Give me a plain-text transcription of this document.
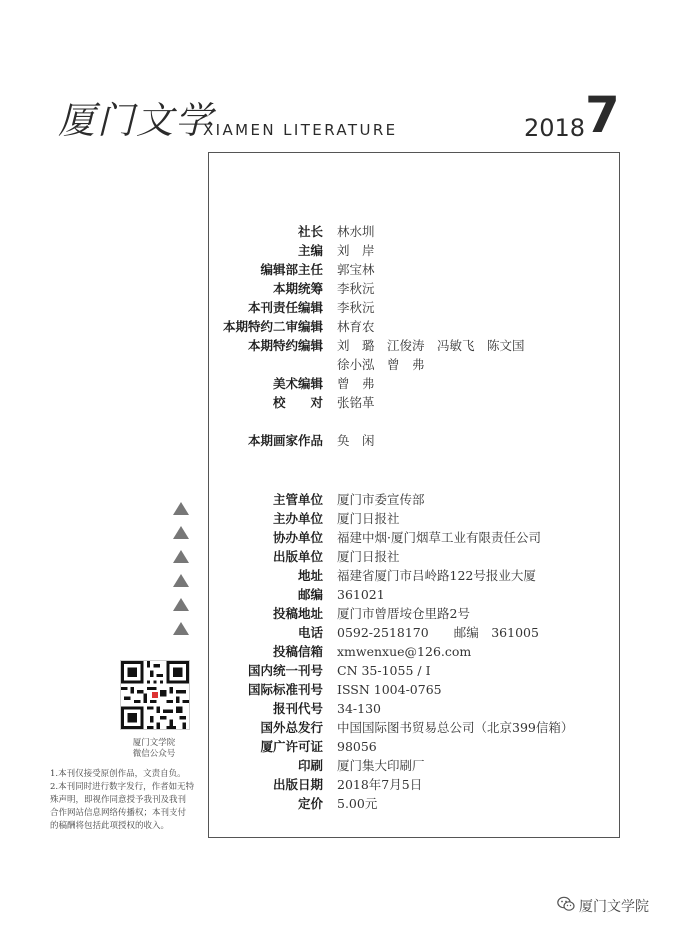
厦门文学
XIAMEN LITERATURE	2018 7
社长 林水圳
主编 刘　岸
编辑部主任 郭宝林
本期统筹 李秋沅
本刊责任编辑 李秋沅
本期特约二审编辑 林育农
本期特约编辑 刘　璐　江俊涛　冯敏飞　陈文国
徐小泓　曾　弗
美术编辑 曾　弗
校　　对 张铭革
本期画家作品 奂　闲
主管单位 厦门市委宣传部
主办单位 厦门日报社
协办单位 福建中烟·厦门烟草工业有限责任公司
出版单位 厦门日报社
地址 福建省厦门市吕岭路122号报业大厦
邮编 361021
投稿地址 厦门市曾厝垵仓里路2号
电话 0592-2518170　　邮编　361005
投稿信箱 xmwenxue@126.com
国内统一刊号 CN 35-1055 / I
国际标准刊号 ISSN 1004-0765
报刊代号 34-130
国外总发行 中国国际图书贸易总公司（北京399信箱）
厦广许可证 98056
印刷 厦门集大印刷厂
出版日期 2018年7月5日
定价 5.00元
厦门文学院
微信公众号
1.本刊仅接受原创作品，文责自负。
2.本刊同时进行数字发行，作者如无特
殊声明，即视作同意授予我刊及我刊
合作网站信息网络传播权；本刊支付
的稿酬将包括此项授权的收入。
厦门文学院
